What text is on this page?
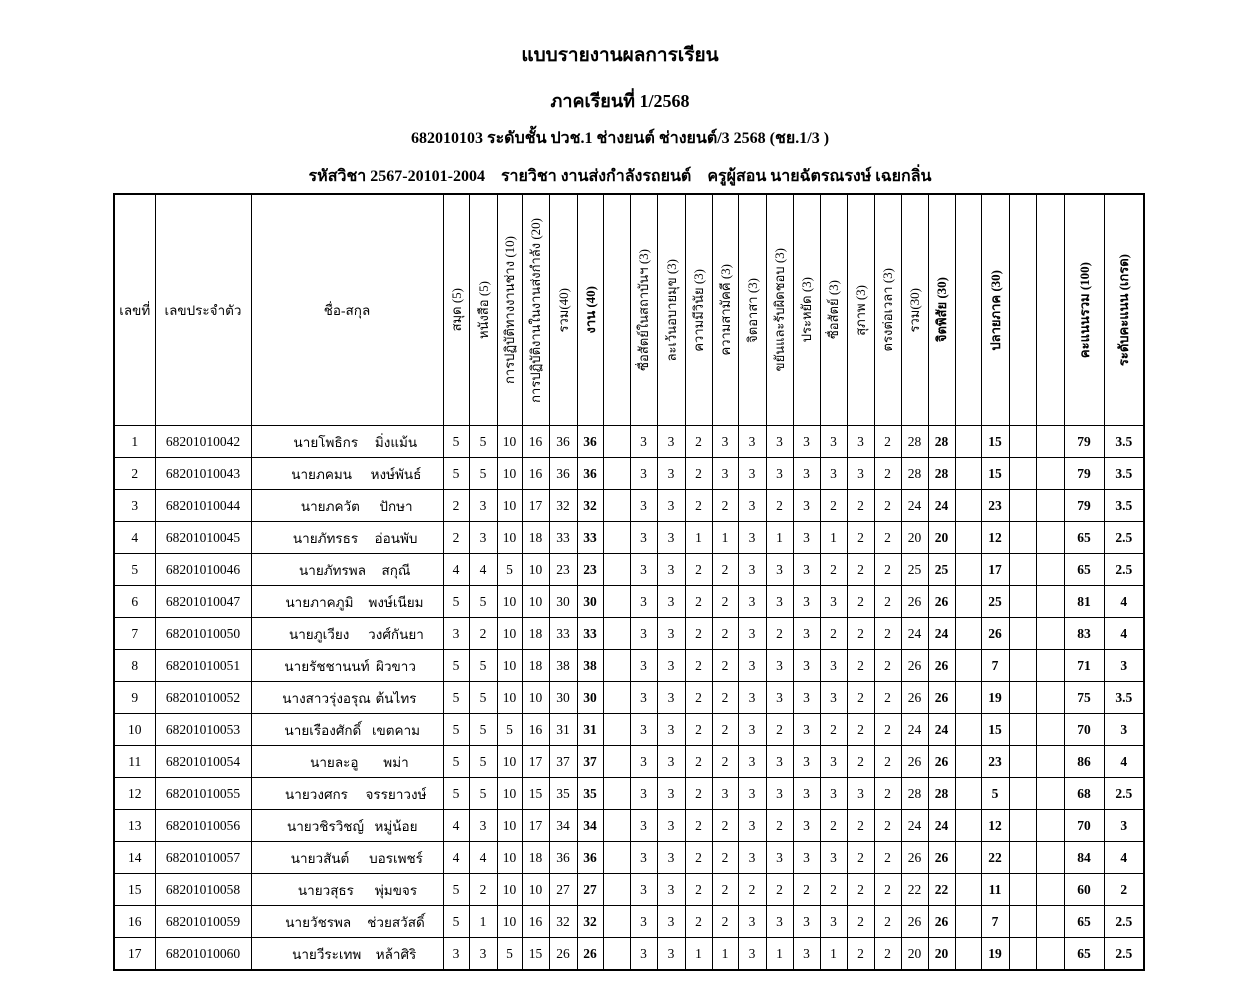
แบบรายงานผลการเรียน
ภาคเรียนที่ 1/2568
682010103 ระดับชั้น ปวช.1 ช่างยนต์ ช่างยนต์/3 2568 (ชย.1/3 )
รหัสวิชา 2567-20101-2004 รายวิชา งานส่งกำลังรถยนต์ ครูผู้สอน นายฉัตรณรงษ์ เฉยกลิ่น
เลขที่	เลขประจำตัว	ชื่อ-สกุล	สมุด (5)	หนังสือ (5)	การปฏิบัติทางงานช่าง (10)	การปฏิบัติงานในงานส่งกำลัง (20)	รวม(40)	งาน (40)		ซื่อสัตย์ในสถาบันฯ (3)	ละเว้นอบายมุข (3)	ความมีวินัย (3)	ความสามัคคี (3)	จิตอาสา (3)	ขยันและรับผิดชอบ (3)	ประหยัด (3)	ซื่อสัตย์ (3)	สุภาพ (3)	ตรงต่อเวลา (3)	รวม(30)	จิตพิสัย (30)		ปลายภาค (30)			คะแนนรวม (100)	ระดับคะแนน (เกรด)

1	68201010042	นายโพธิกร มิ่งแม้น	5	5	10	16	36	36		3	3	2	3	3	3	3	3	3	2	28	28		15			79	3.5
2	68201010043	นายภคมน หงษ์พันธ์	5	5	10	16	36	36		3	3	2	3	3	3	3	3	3	2	28	28		15			79	3.5
3	68201010044	นายภควัต ปักษา	2	3	10	17	32	32		3	3	2	2	3	2	3	2	2	2	24	24		23			79	3.5
4	68201010045	นายภัทรธร อ่อนพับ	2	3	10	18	33	33		3	3	1	1	3	1	3	1	2	2	20	20		12			65	2.5
5	68201010046	นายภัทรพล สกุณี	4	4	5	10	23	23		3	3	2	2	3	3	3	2	2	2	25	25		17			65	2.5
6	68201010047	นายภาคภูมิ พงษ์เนียม	5	5	10	10	30	30		3	3	2	2	3	3	3	3	2	2	26	26		25			81	4
7	68201010050	นายภูเวียง วงศ์กันยา	3	2	10	18	33	33		3	3	2	2	3	2	3	2	2	2	24	24		26			83	4
8	68201010051	นายรัชชานนท์ ผิวขาว	5	5	10	18	38	38		3	3	2	2	3	3	3	3	2	2	26	26		7			71	3
9	68201010052	นางสาวรุ่งอรุณ ต้นไทร	5	5	10	10	30	30		3	3	2	2	3	3	3	3	2	2	26	26		19			75	3.5
10	68201010053	นายเรืองศักดิ์ เขตคาม	5	5	5	16	31	31		3	3	2	2	3	2	3	2	2	2	24	24		15			70	3
11	68201010054	นายละอู พม่า	5	5	10	17	37	37		3	3	2	2	3	3	3	3	2	2	26	26		23			86	4
12	68201010055	นายวงศกร จรรยาวงษ์	5	5	10	15	35	35		3	3	2	3	3	3	3	3	3	2	28	28		5			68	2.5
13	68201010056	นายวชิรวิชญ์ หมู่น้อย	4	3	10	17	34	34		3	3	2	2	3	2	3	2	2	2	24	24		12			70	3
14	68201010057	นายวสันต์ บอรเพชร์	4	4	10	18	36	36		3	3	2	2	3	3	3	3	2	2	26	26		22			84	4
15	68201010058	นายวสุธร พุ่มขจร	5	2	10	10	27	27		3	3	2	2	2	2	2	2	2	2	22	22		11			60	2
16	68201010059	นายวัชรพล ช่วยสวัสดิ์	5	1	10	16	32	32		3	3	2	2	3	3	3	3	2	2	26	26		7			65	2.5
17	68201010060	นายวีระเทพ หล้าศิริ	3	3	5	15	26	26		3	3	1	1	3	1	3	1	2	2	20	20		19			65	2.5
